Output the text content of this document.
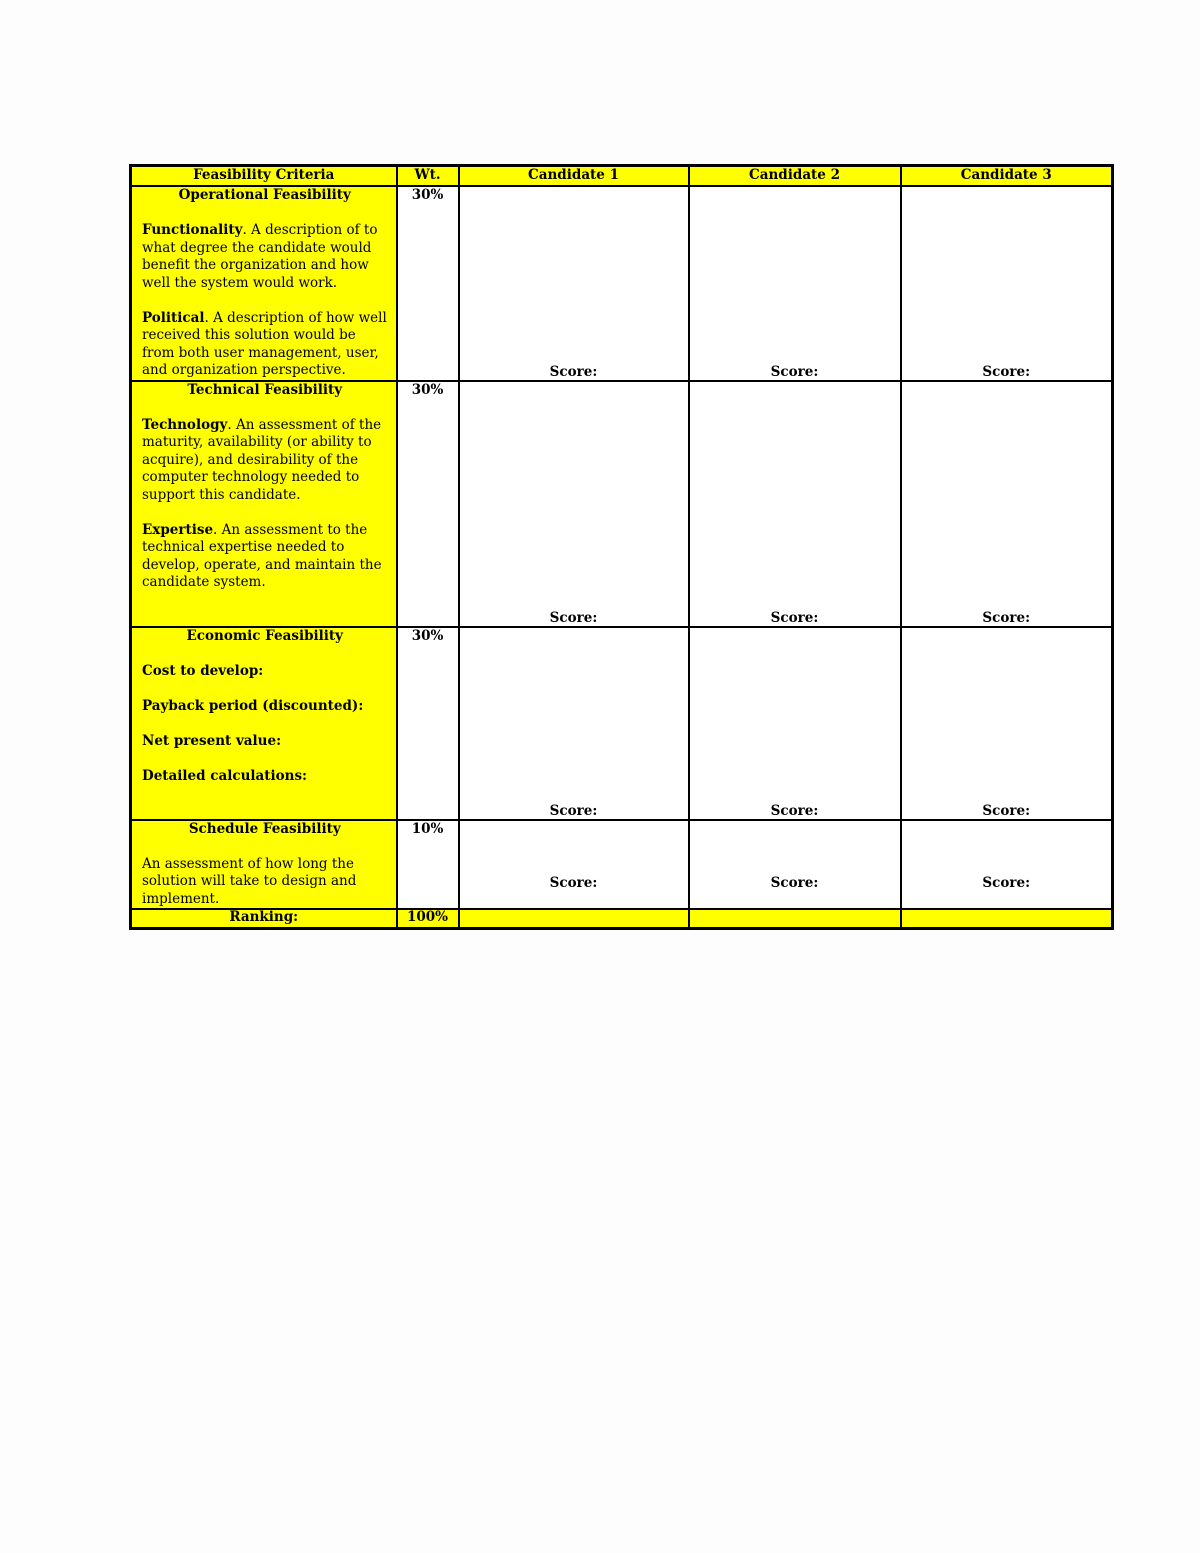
Feasibility Criteria	Wt.	Candidate 1	Candidate 2	Candidate 3

Operational Feasibility

Functionality. A description of to what degree the candidate would benefit the organization and how well the system would work.

Political. A description of how well received this solution would be from both user management, user, and organization perspective.	30%	Score:	Score:	Score:

Technical Feasibility

Technology. An assessment of the maturity, availability (or ability to acquire), and desirability of the computer technology needed to support this candidate.

Expertise. An assessment to the technical expertise needed to develop, operate, and maintain the candidate system.	30%	Score:	Score:	Score:

Economic Feasibility

Cost to develop:

Payback period (discounted):

Net present value:

Detailed calculations:	30%	Score:	Score:	Score:

Schedule Feasibility

An assessment of how long the solution will take to design and implement.	10%	Score:	Score:	Score:

Ranking:	100%			
